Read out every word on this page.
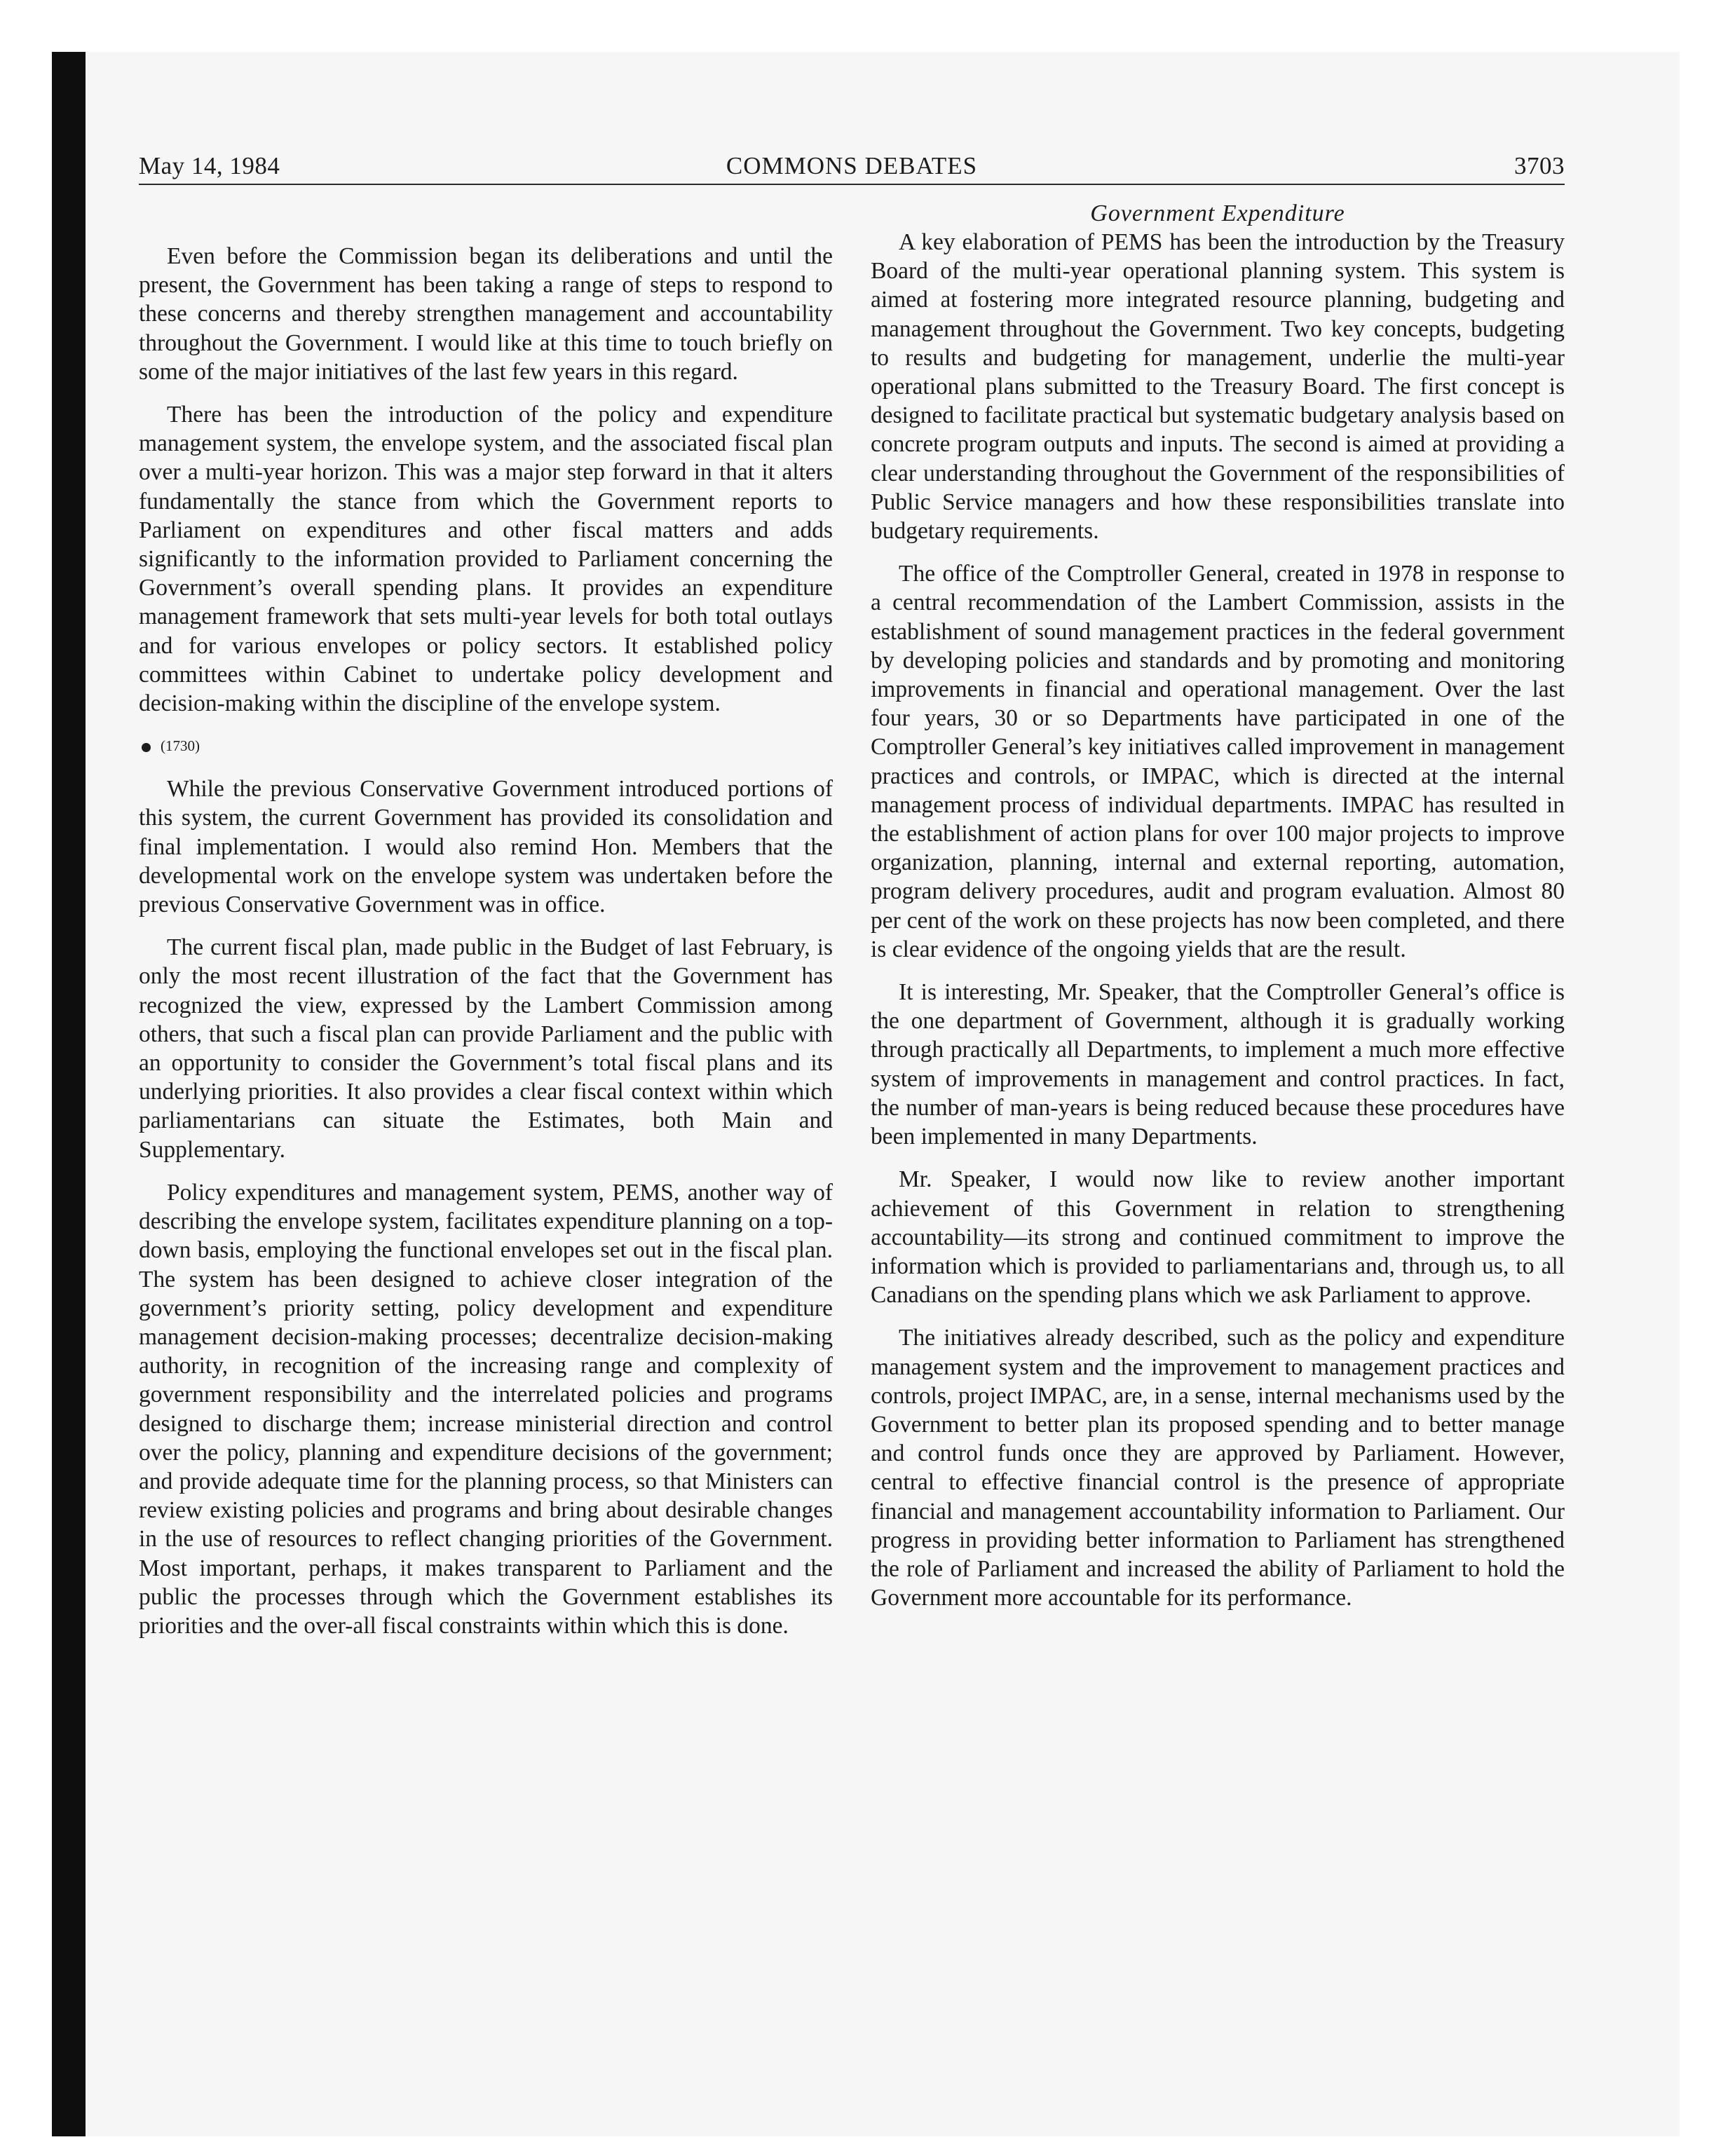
May 14, 1984	COMMONS DEBATES	3703

Even before the Commission began its deliberations and until the present, the Government has been taking a range of steps to respond to these concerns and thereby strengthen management and accountability throughout the Government. I would like at this time to touch briefly on some of the major initiatives of the last few years in this regard.

There has been the introduction of the policy and expenditure management system, the envelope system, and the associated fiscal plan over a multi-year horizon. This was a major step forward in that it alters fundamentally the stance from which the Government reports to Parliament on expenditures and other fiscal matters and adds significantly to the information provided to Parliament concerning the Government’s overall spending plans. It provides an expenditure management framework that sets multi-year levels for both total outlays and for various envelopes or policy sectors. It established policy committees within Cabinet to undertake policy development and decision-making within the discipline of the envelope system.

(1730)

While the previous Conservative Government introduced portions of this system, the current Government has provided its consolidation and final implementation. I would also remind Hon. Members that the developmental work on the envelope system was undertaken before the previous Conservative Government was in office.

The current fiscal plan, made public in the Budget of last February, is only the most recent illustration of the fact that the Government has recognized the view, expressed by the Lambert Commission among others, that such a fiscal plan can provide Parliament and the public with an opportunity to consider the Government’s total fiscal plans and its underlying priorities. It also provides a clear fiscal context within which parliamentarians can situate the Estimates, both Main and Supplementary.

Policy expenditures and management system, PEMS, another way of describing the envelope system, facilitates expenditure planning on a top-down basis, employing the functional envelopes set out in the fiscal plan. The system has been designed to achieve closer integration of the government’s priority setting, policy development and expenditure management decision-making processes; decentralize decision-making authority, in recognition of the increasing range and complexity of government responsibility and the interrelated policies and programs designed to discharge them; increase ministerial direction and control over the policy, planning and expenditure decisions of the government; and provide adequate time for the planning process, so that Ministers can review existing policies and programs and bring about desirable changes in the use of resources to reflect changing priorities of the Government. Most important, perhaps, it makes transparent to Parliament and the public the processes through which the Government establishes its priorities and the over-all fiscal constraints within which this is done.

Government Expenditure

A key elaboration of PEMS has been the introduction by the Treasury Board of the multi-year operational planning system. This system is aimed at fostering more integrated resource planning, budgeting and management throughout the Government. Two key concepts, budgeting to results and budgeting for management, underlie the multi-year operational plans submitted to the Treasury Board. The first concept is designed to facilitate practical but systematic budgetary analysis based on concrete program outputs and inputs. The second is aimed at providing a clear understanding throughout the Government of the responsibilities of Public Service managers and how these responsibilities translate into budgetary requirements.

The office of the Comptroller General, created in 1978 in response to a central recommendation of the Lambert Commission, assists in the establishment of sound management practices in the federal government by developing policies and standards and by promoting and monitoring improvements in financial and operational management. Over the last four years, 30 or so Departments have participated in one of the Comptroller General’s key initiatives called improvement in management practices and controls, or IMPAC, which is directed at the internal management process of individual departments. IMPAC has resulted in the establishment of action plans for over 100 major projects to improve organization, planning, internal and external reporting, automation, program delivery procedures, audit and program evaluation. Almost 80 per cent of the work on these projects has now been completed, and there is clear evidence of the ongoing yields that are the result.

It is interesting, Mr. Speaker, that the Comptroller General’s office is the one department of Government, although it is gradually working through practically all Departments, to implement a much more effective system of improvements in management and control practices. In fact, the number of man-years is being reduced because these procedures have been implemented in many Departments.

Mr. Speaker, I would now like to review another important achievement of this Government in relation to strengthening accountability—its strong and continued commitment to improve the information which is provided to parliamentarians and, through us, to all Canadians on the spending plans which we ask Parliament to approve.

The initiatives already described, such as the policy and expenditure management system and the improvement to management practices and controls, project IMPAC, are, in a sense, internal mechanisms used by the Government to better plan its proposed spending and to better manage and control funds once they are approved by Parliament. However, central to effective financial control is the presence of appropriate financial and management accountability information to Parliament. Our progress in providing better information to Parliament has strengthened the role of Parliament and increased the ability of Parliament to hold the Government more accountable for its performance.
